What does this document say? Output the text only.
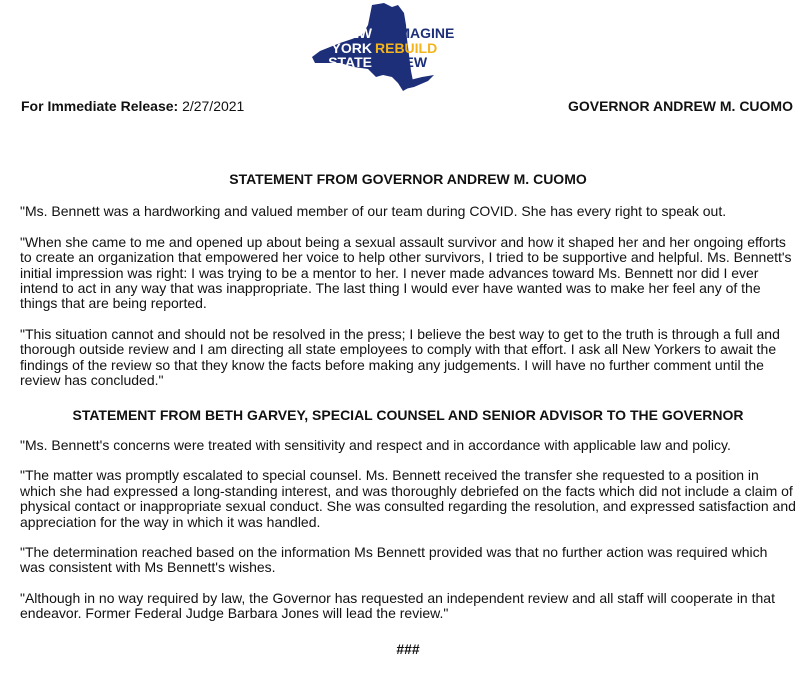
NEW
YORK
STATE
REIMAGINE
REBUILD
RENEW
For Immediate Release: 2/27/2021	GOVERNOR ANDREW M. CUOMO
STATEMENT FROM GOVERNOR ANDREW M. CUOMO

"Ms. Bennett was a hardworking and valued member of our team during COVID. She has every right to speak out.

"When she came to me and opened up about being a sexual assault survivor and how it shaped her and her ongoing efforts to create an organization that empowered her voice to help other survivors, I tried to be supportive and helpful. Ms. Bennett's initial impression was right: I was trying to be a mentor to her. I never made advances toward Ms. Bennett nor did I ever intend to act in any way that was inappropriate. The last thing I would ever have wanted was to make her feel any of the things that are being reported.

"This situation cannot and should not be resolved in the press; I believe the best way to get to the truth is through a full and thorough outside review and I am directing all state employees to comply with that effort. I ask all New Yorkers to await the findings of the review so that they know the facts before making any judgements. I will have no further comment until the review has concluded."

STATEMENT FROM BETH GARVEY, SPECIAL COUNSEL AND SENIOR ADVISOR TO THE GOVERNOR

"Ms. Bennett's concerns were treated with sensitivity and respect and in accordance with applicable law and policy.

"The matter was promptly escalated to special counsel. Ms. Bennett received the transfer she requested to a position in which she had expressed a long-standing interest, and was thoroughly debriefed on the facts which did not include a claim of physical contact or inappropriate sexual conduct. She was consulted regarding the resolution, and expressed satisfaction and appreciation for the way in which it was handled.

"The determination reached based on the information Ms Bennett provided was that no further action was required which was consistent with Ms Bennett's wishes.

"Although in no way required by law, the Governor has requested an independent review and all staff will cooperate in that endeavor. Former Federal Judge Barbara Jones will lead the review."

###
